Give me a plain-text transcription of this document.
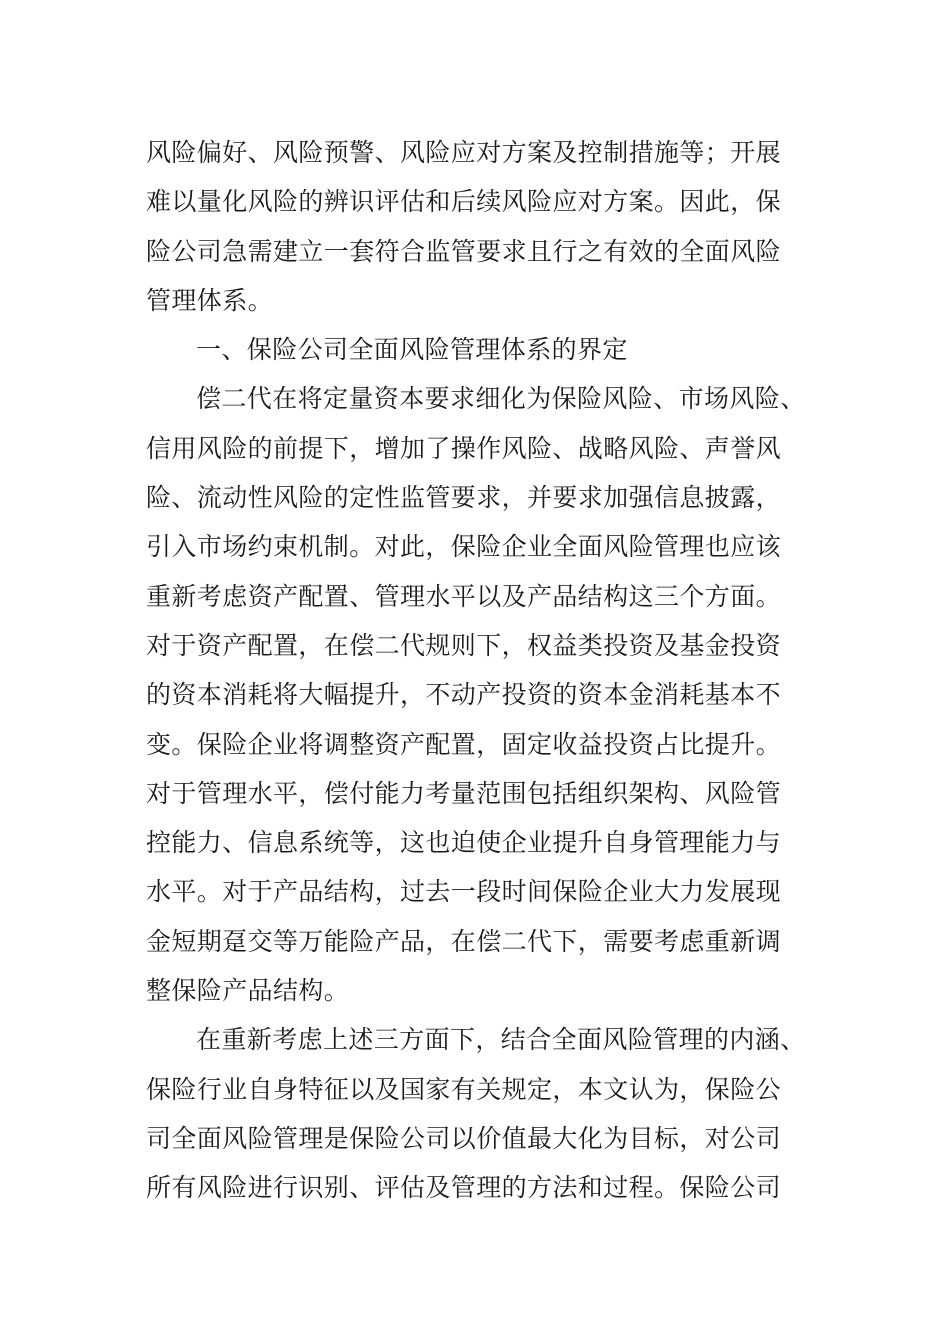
风险偏好、风险预警、风险应对方案及控制措施等；开展
难以量化风险的辨识评估和后续风险应对方案。因此，保
险公司急需建立一套符合监管要求且行之有效的全面风险
管理体系。
一、保险公司全面风险管理体系的界定
偿二代在将定量资本要求细化为保险风险、市场风险、
信用风险的前提下，增加了操作风险、战略风险、声誉风
险、流动性风险的定性监管要求，并要求加强信息披露，
引入市场约束机制。对此，保险企业全面风险管理也应该
重新考虑资产配置、管理水平以及产品结构这三个方面。
对于资产配置，在偿二代规则下，权益类投资及基金投资
的资本消耗将大幅提升，不动产投资的资本金消耗基本不
变。保险企业将调整资产配置，固定收益投资占比提升。
对于管理水平，偿付能力考量范围包括组织架构、风险管
控能力、信息系统等，这也迫使企业提升自身管理能力与
水平。对于产品结构，过去一段时间保险企业大力发展现
金短期趸交等万能险产品，在偿二代下，需要考虑重新调
整保险产品结构。
在重新考虑上述三方面下，结合全面风险管理的内涵、
保险行业自身特征以及国家有关规定，本文认为，保险公
司全面风险管理是保险公司以价值最大化为目标，对公司
所有风险进行识别、评估及管理的方法和过程。保险公司
